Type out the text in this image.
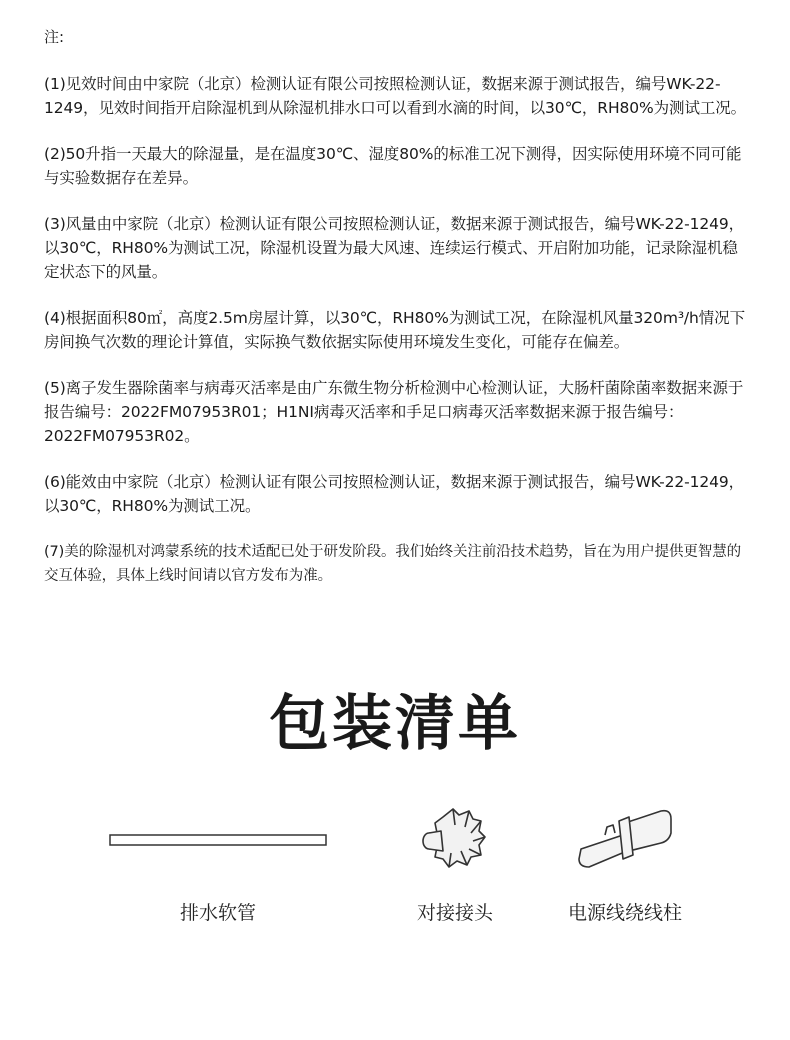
注:

(1)见效时间由中家院（北京）检测认证有限公司按照检测认证，数据来源于测试报告，编号WK-22-1249，见效时间指开启除湿机到从除湿机排水口可以看到水滴的时间，以30℃，RH80%为测试工况。

(2)50升指一天最大的除湿量，是在温度30℃、湿度80%的标准工况下测得，因实际使用环境不同可能与实验数据存在差异。

(3)风量由中家院（北京）检测认证有限公司按照检测认证，数据来源于测试报告，编号WK-22-1249，以30℃，RH80%为测试工况，除湿机设置为最大风速、连续运行模式、开启附加功能，记录除湿机稳定状态下的风量。

(4)根据面积80㎡，高度2.5m房屋计算，以30℃，RH80%为测试工况，在除湿机风量320m³/h情况下房间换气次数的理论计算值，实际换气数依据实际使用环境发生变化，可能存在偏差。

(5)离子发生器除菌率与病毒灭活率是由广东微生物分析检测中心检测认证，大肠杆菌除菌率数据来源于报告编号：2022FM07953R01；H1NI病毒灭活率和手足口病毒灭活率数据来源于报告编号：2022FM07953R02。

(6)能效由中家院（北京）检测认证有限公司按照检测认证，数据来源于测试报告，编号WK-22-1249，以30℃，RH80%为测试工况。

(7)美的除湿机对鸿蒙系统的技术适配已处于研发阶段。我们始终关注前沿技术趋势，旨在为用户提供更智慧的交互体验，具体上线时间请以官方发布为准。

包装清单
排水软管	对接接头	电源线绕线柱
